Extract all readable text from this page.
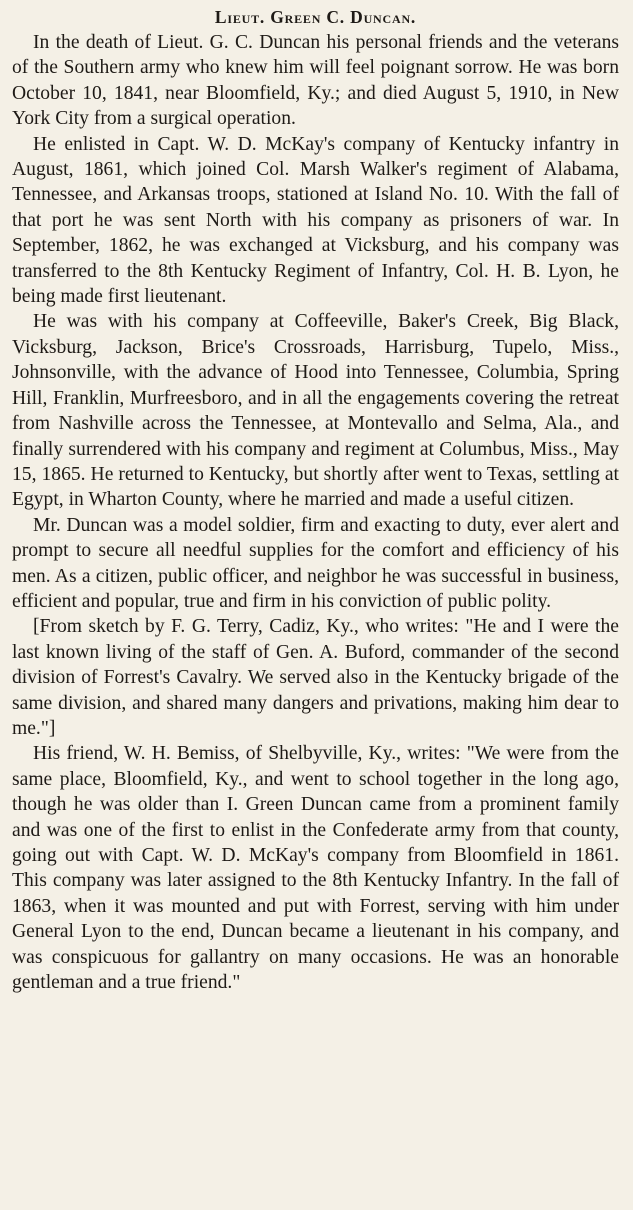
Lieut. Green C. Duncan.

In the death of Lieut. G. C. Duncan his personal friends and the veterans of the Southern army who knew him will feel poignant sorrow. He was born October 10, 1841, near Bloomfield, Ky.; and died August 5, 1910, in New York City from a surgical operation.

He enlisted in Capt. W. D. McKay's company of Kentucky infantry in August, 1861, which joined Col. Marsh Walker's regiment of Alabama, Tennessee, and Arkansas troops, stationed at Island No. 10. With the fall of that port he was sent North with his company as prisoners of war. In September, 1862, he was exchanged at Vicksburg, and his company was transferred to the 8th Kentucky Regiment of Infantry, Col. H. B. Lyon, he being made first lieutenant.

He was with his company at Coffeeville, Baker's Creek, Big Black, Vicksburg, Jackson, Brice's Crossroads, Harrisburg, Tupelo, Miss., Johnsonville, with the advance of Hood into Tennessee, Columbia, Spring Hill, Franklin, Murfreesboro, and in all the engagements covering the retreat from Nashville across the Tennessee, at Montevallo and Selma, Ala., and finally surrendered with his company and regiment at Columbus, Miss., May 15, 1865. He returned to Kentucky, but shortly after went to Texas, settling at Egypt, in Wharton County, where he married and made a useful citizen.

Mr. Duncan was a model soldier, firm and exacting to duty, ever alert and prompt to secure all needful supplies for the comfort and efficiency of his men. As a citizen, public officer, and neighbor he was successful in business, efficient and popular, true and firm in his conviction of public polity.

[From sketch by F. G. Terry, Cadiz, Ky., who writes: "He and I were the last known living of the staff of Gen. A. Buford, commander of the second division of Forrest's Cavalry. We served also in the Kentucky brigade of the same division, and shared many dangers and privations, making him dear to me."]

His friend, W. H. Bemiss, of Shelbyville, Ky., writes: "We were from the same place, Bloomfield, Ky., and went to school together in the long ago, though he was older than I. Green Duncan came from a prominent family and was one of the first to enlist in the Confederate army from that county, going out with Capt. W. D. McKay's company from Bloomfield in 1861. This company was later assigned to the 8th Kentucky Infantry. In the fall of 1863, when it was mounted and put with Forrest, serving with him under General Lyon to the end, Duncan became a lieutenant in his company, and was conspicuous for gallantry on many occasions. He was an honorable gentleman and a true friend."
